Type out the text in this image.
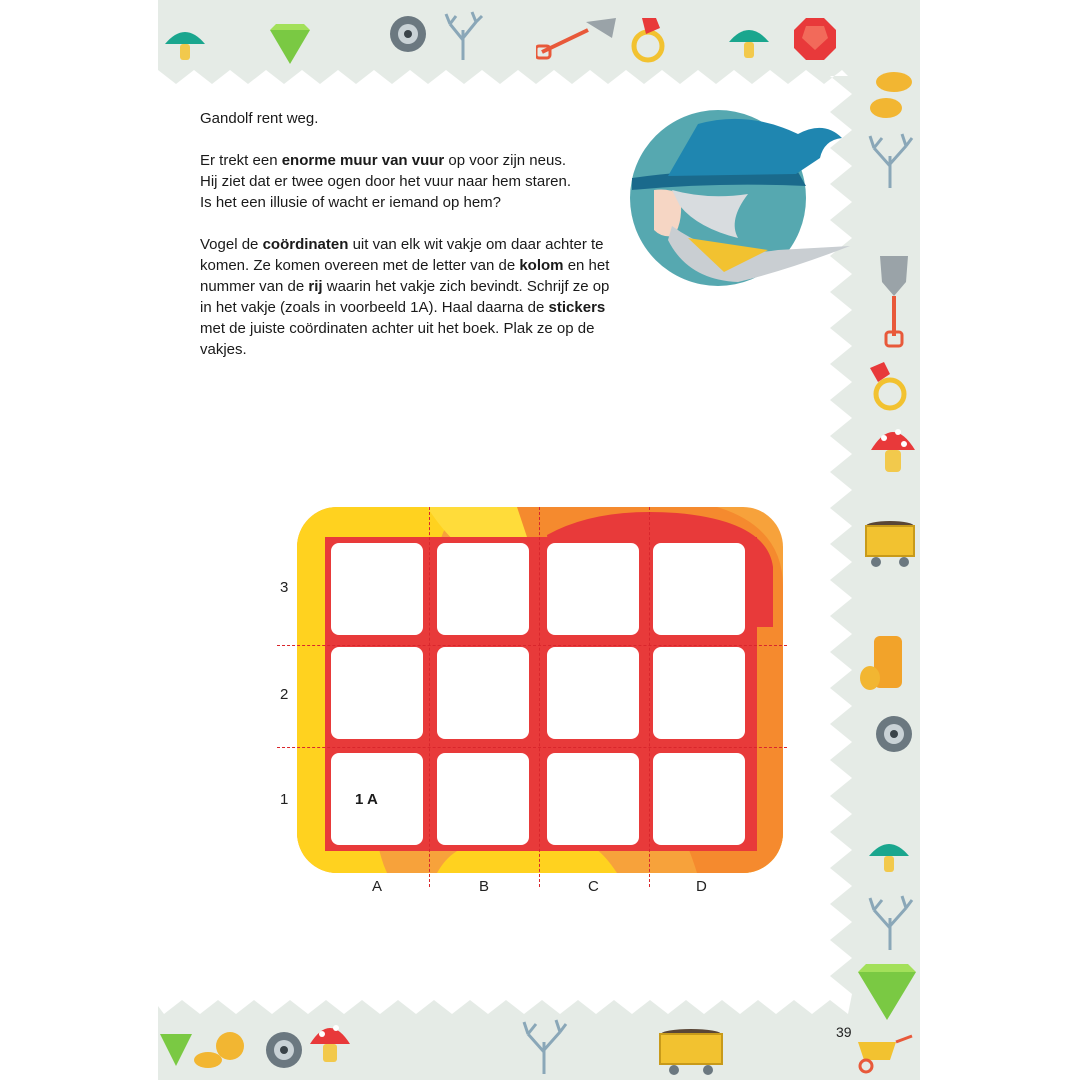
Gandolf rent weg.

Er trekt een enorme muur van vuur op voor zijn neus.
Hij ziet dat er twee ogen door het vuur naar hem staren.
Is het een illusie of wacht er iemand op hem?

Vogel de coördinaten uit van elk wit vakje om daar achter te komen. Ze komen overeen met de letter van de kolom en het nummer van de rij waarin het vakje zich bevindt. Schrijf ze op in het vakje (zoals in voorbeeld 1A). Haal daarna de stickers met de juiste coördinaten achter uit het boek. Plak ze op de vakjes.

1 A
3
2
1
A	B	C	D
39
